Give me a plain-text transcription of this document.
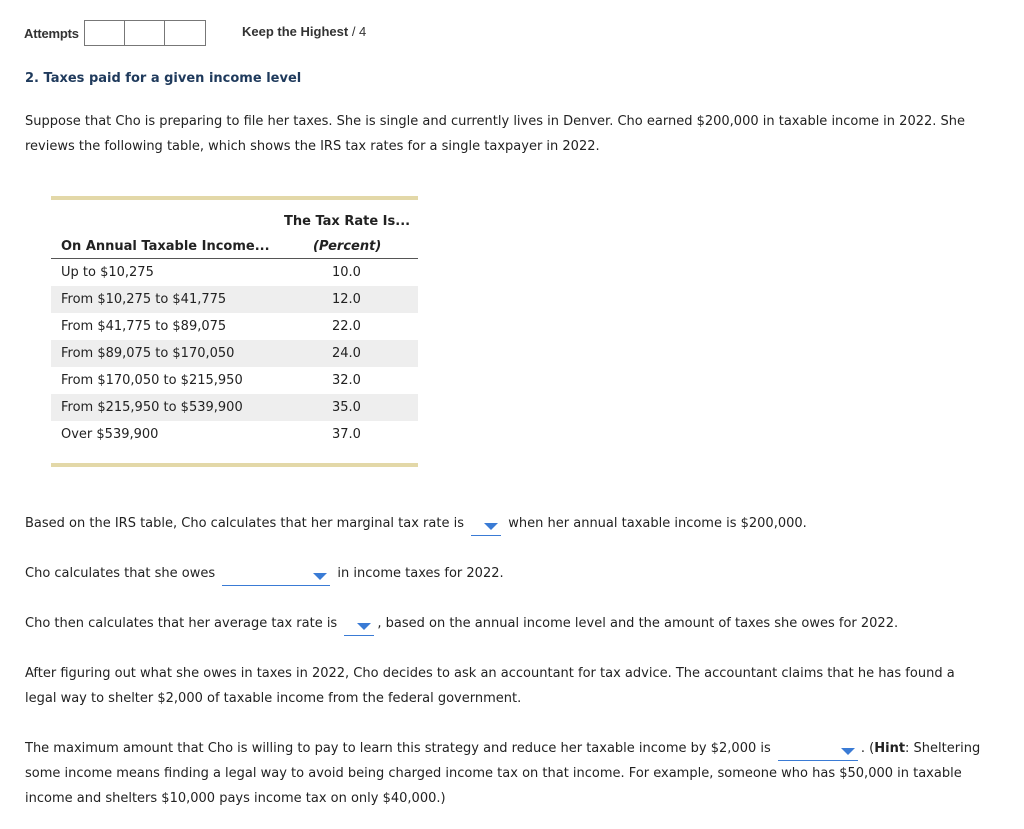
Attempts	Keep the Highest / 4
2. Taxes paid for a given income level

Suppose that Cho is preparing to file her taxes. She is single and currently lives in Denver. Cho earned $200,000 in taxable income in 2022. She reviews the following table, which shows the IRS tax rates for a single taxpayer in 2022.

On Annual Taxable Income...
The Tax Rate Is...
(Percent)
Up to $10,275	10.0
From $10,275 to $41,775	12.0
From $41,775 to $89,075	22.0
From $89,075 to $170,050	24.0
From $170,050 to $215,950	32.0
From $215,950 to $539,900	35.0
Over $539,900	37.0

Based on the IRS table, Cho calculates that her marginal tax rate is	when her annual taxable income is $200,000.

Cho calculates that she owes	in income taxes for 2022.

Cho then calculates that her average tax rate is	, based on the annual income level and the amount of taxes she owes for 2022.

After figuring out what she owes in taxes in 2022, Cho decides to ask an accountant for tax advice. The accountant claims that he has found a legal way to shelter $2,000 of taxable income from the federal government.

The maximum amount that Cho is willing to pay to learn this strategy and reduce her taxable income by $2,000 is	. (Hint: Sheltering some income means finding a legal way to avoid being charged income tax on that income. For example, someone who has $50,000 in taxable income and shelters $10,000 pays income tax on only $40,000.)
